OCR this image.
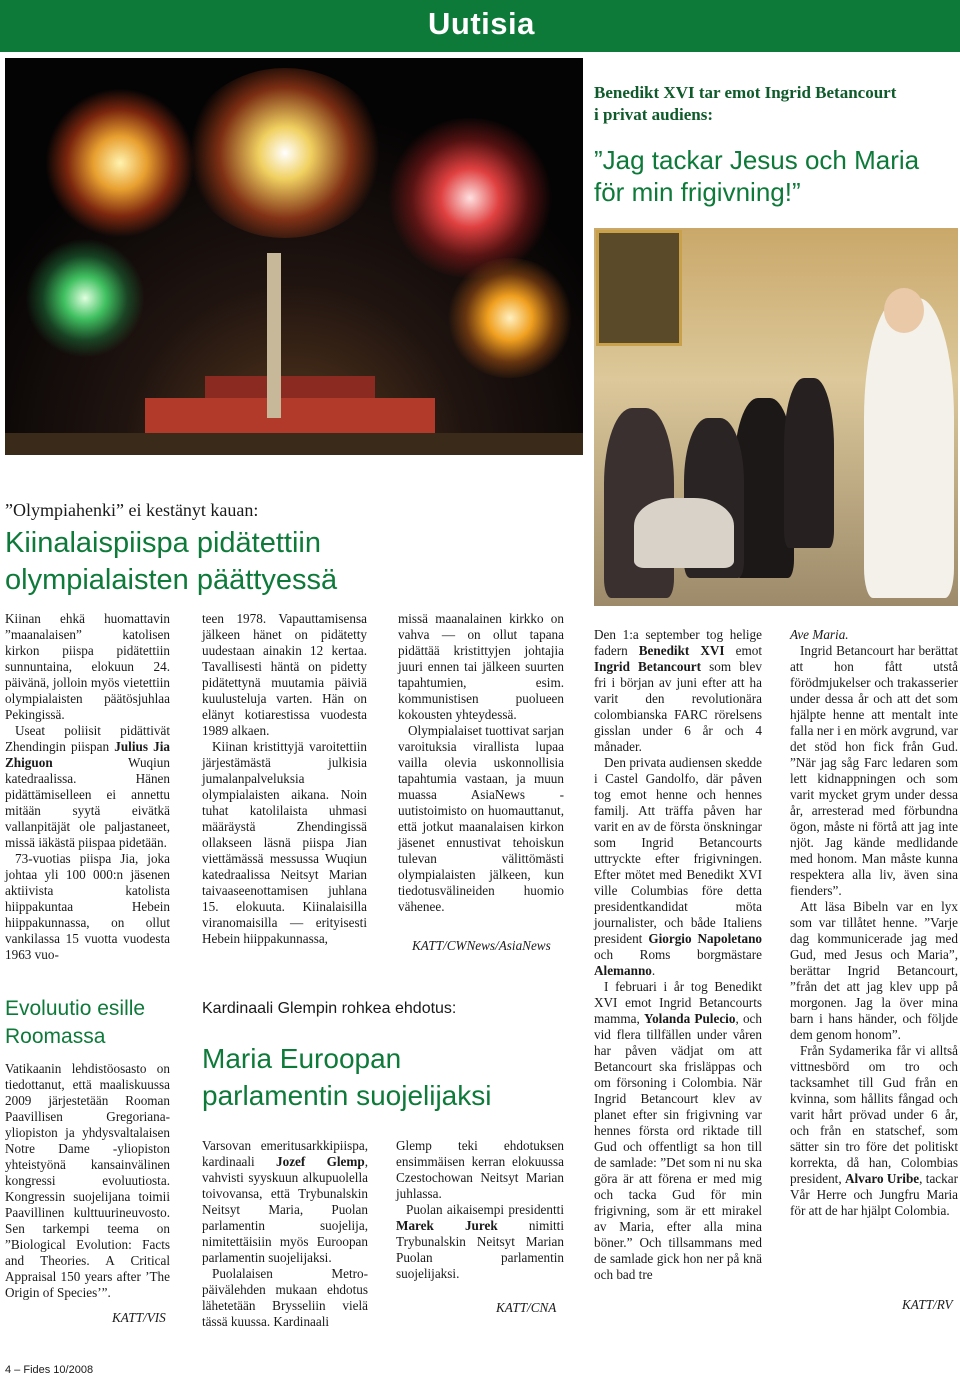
Uutisia
Benedikt XVI tar emot Ingrid Betancourt
i privat audiens:
”Jag tackar Jesus och Maria
för min frigivning!”
”Olympiahenki” ei kestänyt kauan:
Kiinalaispiispa pidätettiin
olympialaisten päättyessä

Kiinan ehkä huomattavin ”maanalaisen” katolisen kirkon piispa pidätettiin sunnuntaina, elokuun 24. päivänä, jolloin myös vietettiin olympialaisten päätösjuhlaa Pekingissä.

Useat poliisit pidättivät Zhendingin piispan Julius Jia Zhiguon Wuqiun katedraalissa. Hänen pidättämiselleen ei annettu mitään syytä eivätkä vallanpitäjät ole paljastaneet, missä iäkästä piispaa pidetään.

73-vuotias piispa Jia, joka johtaa yli 100 000:n jäsenen aktiivista katolista hiippakuntaa Hebein hiippakunnassa, on ollut vankilassa 15 vuotta vuodesta 1963 vuo-

teen 1978. Vapauttamisensa jälkeen hänet on pidätetty uudestaan ainakin 12 kertaa. Tavallisesti häntä on pidetty pidätettynä muutamia päiviä kuulusteluja varten. Hän on elänyt kotiarestissa vuodesta 1989 alkaen.

Kiinan kristittyjä varoitettiin järjestämästä julkisia jumalanpalveluksia olympialaisten aikana. Noin tuhat katolilaista uhmasi määräystä Zhendingissä ollakseen läsnä piispa Jian viettämässä messussa Wuqiun katedraalissa Neitsyt Marian taivaaseenottamisen juhlana 15. elokuuta. Kiinalaisilla viranomaisilla — erityisesti Hebein hiippakunnassa,

missä maanalainen kirkko on vahva — on ollut tapana pidättää kristittyjen johtajia juuri ennen tai jälkeen suurten tapahtumien, esim. kommunistisen puolueen kokousten yhteydessä.

Olympialaiset tuottivat sarjan varoituksia virallista lupaa vailla olevia uskonnollisia tapahtumia vastaan, ja muun muassa AsiaNews -uutistoimisto on huomauttanut, että jotkut maanalaisen kirkon jäsenet ennustivat tehoiskun tulevan välittömästi olympialaisten jälkeen, kun tiedotusvälineiden huomio vähenee.

KATT/CWNews/AsiaNews

Den 1:a september tog helige fadern Benedikt XVI emot Ingrid Betancourt som blev fri i början av juni efter att ha varit den revolutionära colombianska FARC rörelsens gisslan under 6 år och 4 månader.

Den privata audiensen skedde i Castel Gandolfo, där påven tog emot henne och hennes familj. Att träffa påven har varit en av de första önskningar som Ingrid Betancourts uttryckte efter frigivningen. Efter mötet med Benedikt XVI ville Columbias före detta presidentkandidat möta journalister, och både Italiens president Giorgio Napoletano och Roms borgmästare Alemanno.

I februari i år tog Benedikt XVI emot Ingrid Betancourts mamma, Yolanda Pulecio, och vid flera tillfällen under våren har påven vädjat om att Betancourt ska frisläppas och om försoning i Colombia. När Ingrid Betancourt klev av planet efter sin frigivning var hennes första ord riktade till Gud och offentligt sa hon till de samlade: ”Det som ni nu ska göra är att förena er med mig och tacka Gud för min frigivning, som är ett mirakel av Maria, efter alla mina böner.” Och tillsammans med de samlade gick hon ner på knä och bad tre

Ave Maria.

Ingrid Betancourt har berättat att hon fått utstå förödmjukelser och trakasserier under dessa år och att det som hjälpte henne att mentalt inte falla ner i en mörk avgrund, var det stöd hon fick från Gud. ”När jag såg Farc ledaren som lett kidnappningen och som varit mycket grym under dessa år, arresterad med förbundna ögon, måste ni förtå att jag inte njöt. Jag kände medlidande med honom. Man måste kunna respektera alla liv, även sina fienders”.

Att läsa Bibeln var en lyx som var tillåtet henne. ”Varje dag kommunicerade jag med Gud, med Jesus och Maria”, berättar Ingrid Betancourt, ”från det att jag klev upp på morgonen. Jag la över mina barn i hans händer, och följde dem genom honom”.

Från Sydamerika får vi alltså vittnesbörd om tro och tacksamhet till Gud från en kvinna, som hållits fångad och varit hårt prövad under 6 år, och från en statschef, som sätter sin tro före det politiskt korrekta, då han, Colombias president, Alvaro Uribe, tackar Vår Herre och Jungfru Maria för att de har hjälpt Colombia.

KATT/RV
Evoluutio esille
Roomassa

Vatikaanin lehdistöosasto on tiedottanut, että maaliskuussa 2009 järjestetään Rooman Paavillisen Gregoriana-yliopiston ja yhdysvaltalaisen Notre Dame -yliopiston yhteistyönä kansainvälinen kongressi evoluutiosta. Kongressin suojelijana toimii Paavillinen kulttuurineuvosto. Sen tarkempi teema on ”Biological Evolution: Facts and Theories. A Critical Appraisal 150 years after ’The Origin of Species’”.

KATT/VIS
Kardinaali Glempin rohkea ehdotus:
Maria Euroopan
parlamentin suojelijaksi

Varsovan emeritusarkkipiispa, kardinaali Jozef Glemp, vahvisti syyskuun alkupuolella toivovansa, että Trybunalskin Neitsyt Maria, Puolan parlamentin suojelija, nimitettäisiin myös Euroopan parlamentin suojelijaksi.

Puolalaisen Metro-päivälehden mukaan ehdotus lähetetään Brysseliin vielä tässä kuussa. Kardinaali

Glemp teki ehdotuksen ensimmäisen kerran elokuussa Czestochowan Neitsyt Marian juhlassa.

Puolan aikaisempi presidentti Marek Jurek nimitti Trybunalskin Neitsyt Marian Puolan parlamentin suojelijaksi.

KATT/CNA
4 – Fides 10/2008
